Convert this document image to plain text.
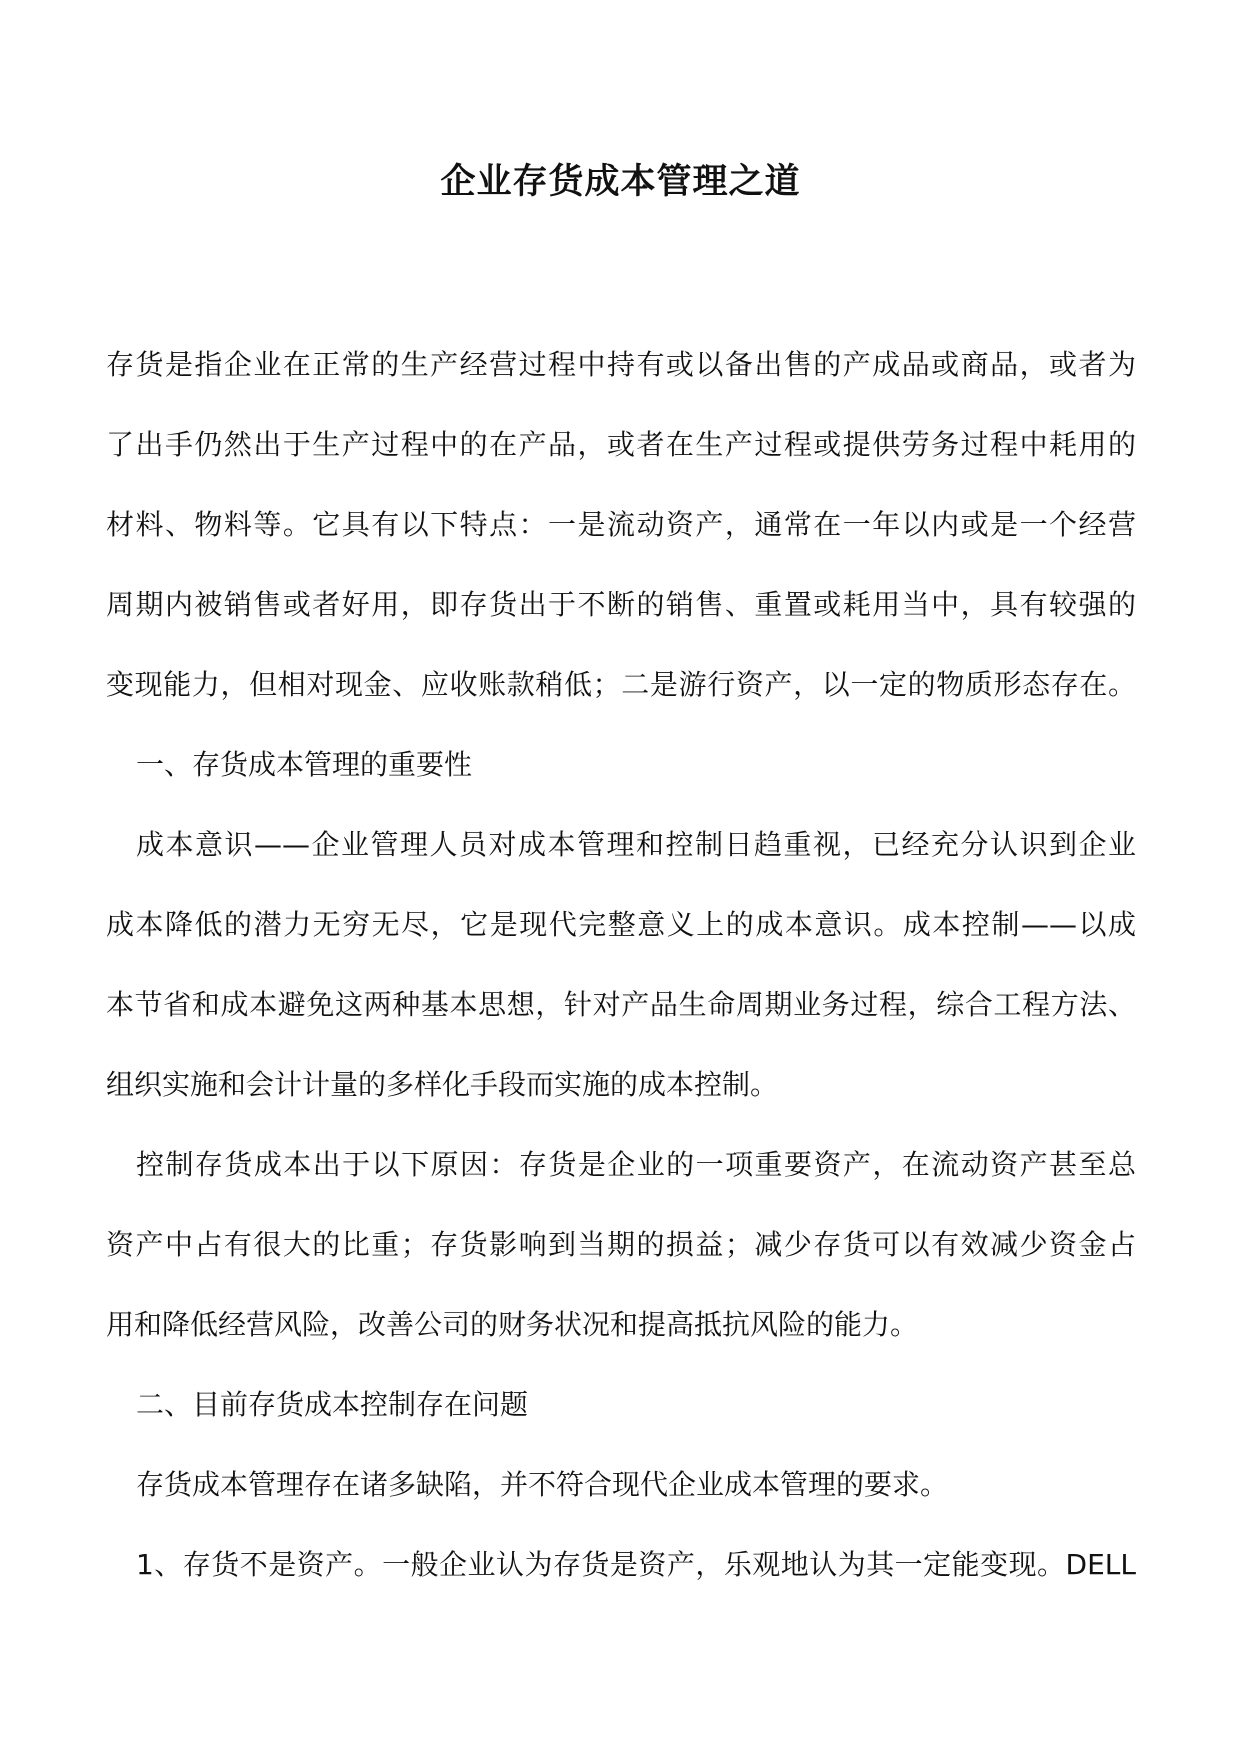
企业存货成本管理之道

存货是指企业在正常的生产经营过程中持有或以备出售的产成品或商品，或者为

了出手仍然出于生产过程中的在产品，或者在生产过程或提供劳务过程中耗用的

材料、物料等。它具有以下特点：一是流动资产，通常在一年以内或是一个经营

周期内被销售或者好用，即存货出于不断的销售、重置或耗用当中，具有较强的

变现能力，但相对现金、应收账款稍低；二是游行资产，以一定的物质形态存在。

一、存货成本管理的重要性

成本意识——企业管理人员对成本管理和控制日趋重视，已经充分认识到企业

成本降低的潜力无穷无尽，它是现代完整意义上的成本意识。成本控制——以成

本节省和成本避免这两种基本思想，针对产品生命周期业务过程，综合工程方法、

组织实施和会计计量的多样化手段而实施的成本控制。

控制存货成本出于以下原因：存货是企业的一项重要资产，在流动资产甚至总

资产中占有很大的比重；存货影响到当期的损益；减少存货可以有效减少资金占

用和降低经营风险，改善公司的财务状况和提高抵抗风险的能力。

二、目前存货成本控制存在问题

存货成本管理存在诸多缺陷，并不符合现代企业成本管理的要求。

1、存货不是资产。一般企业认为存货是资产，乐观地认为其一定能变现。DELL
